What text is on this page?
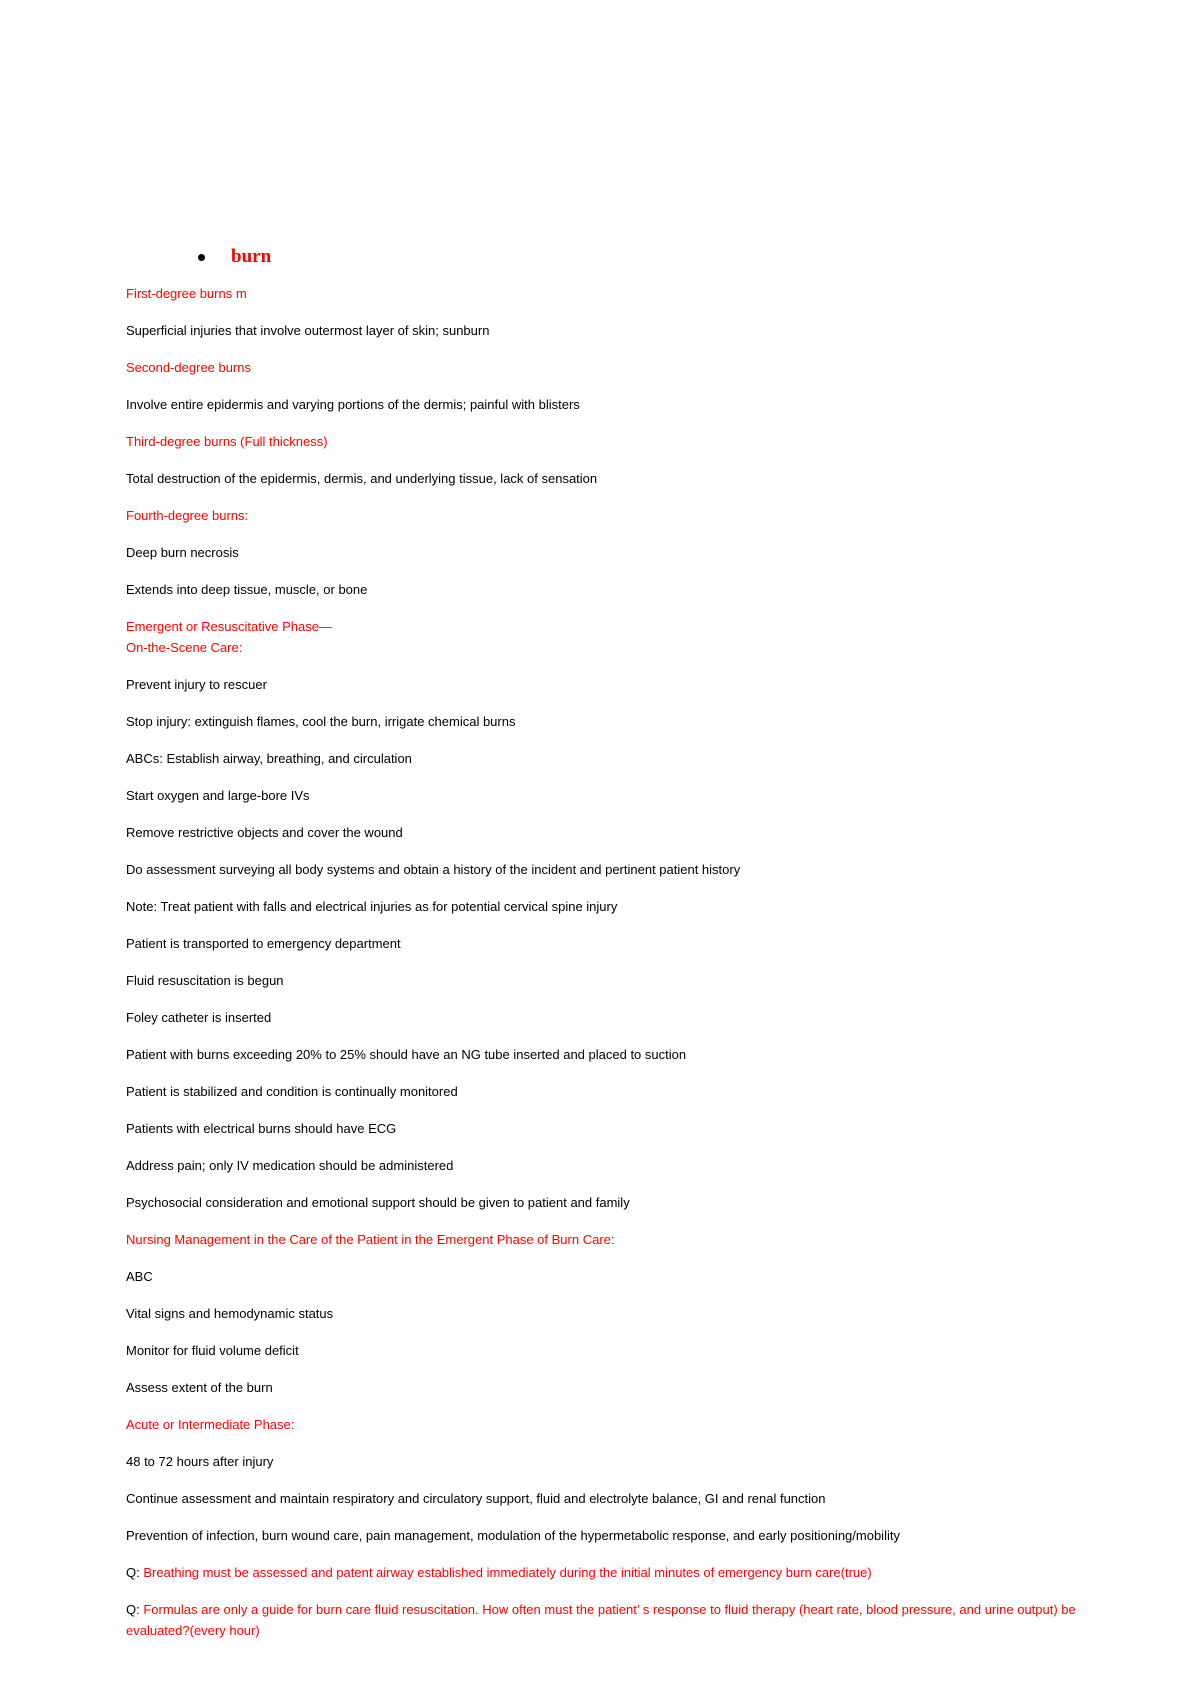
burn

First-degree burns m

Superficial injuries that involve outermost layer of skin; sunburn

Second-degree burns

Involve entire epidermis and varying portions of the dermis; painful with blisters

Third-degree burns (Full thickness)

Total destruction of the epidermis, dermis, and underlying tissue, lack of sensation

Fourth-degree burns:

Deep burn necrosis

Extends into deep tissue, muscle, or bone

Emergent or Resuscitative Phase—
On-the-Scene Care:

Prevent injury to rescuer

Stop injury: extinguish flames, cool the burn, irrigate chemical burns

ABCs: Establish airway, breathing, and circulation

Start oxygen and large-bore IVs

Remove restrictive objects and cover the wound

Do assessment surveying all body systems and obtain a history of the incident and pertinent patient history

Note: Treat patient with falls and electrical injuries as for potential cervical spine injury

Patient is transported to emergency department

Fluid resuscitation is begun

Foley catheter is inserted

Patient with burns exceeding 20% to 25% should have an NG tube inserted and placed to suction

Patient is stabilized and condition is continually monitored

Patients with electrical burns should have ECG

Address pain; only IV medication should be administered

Psychosocial consideration and emotional support should be given to patient and family

Nursing Management in the Care of the Patient in the Emergent Phase of Burn Care:

ABC

Vital signs and hemodynamic status

Monitor for fluid volume deficit

Assess extent of the burn

Acute or Intermediate Phase:

48 to 72 hours after injury

Continue assessment and maintain respiratory and circulatory support, fluid and electrolyte balance, GI and renal function

Prevention of infection, burn wound care, pain management, modulation of the hypermetabolic response, and early positioning/mobility

Q: Breathing must be assessed and patent airway established immediately during the initial minutes of emergency burn care(true)

Q: Formulas are only a guide for burn care fluid resuscitation. How often must the patient’ s response to fluid therapy (heart rate, blood pressure, and urine output) be evaluated?(every hour)
